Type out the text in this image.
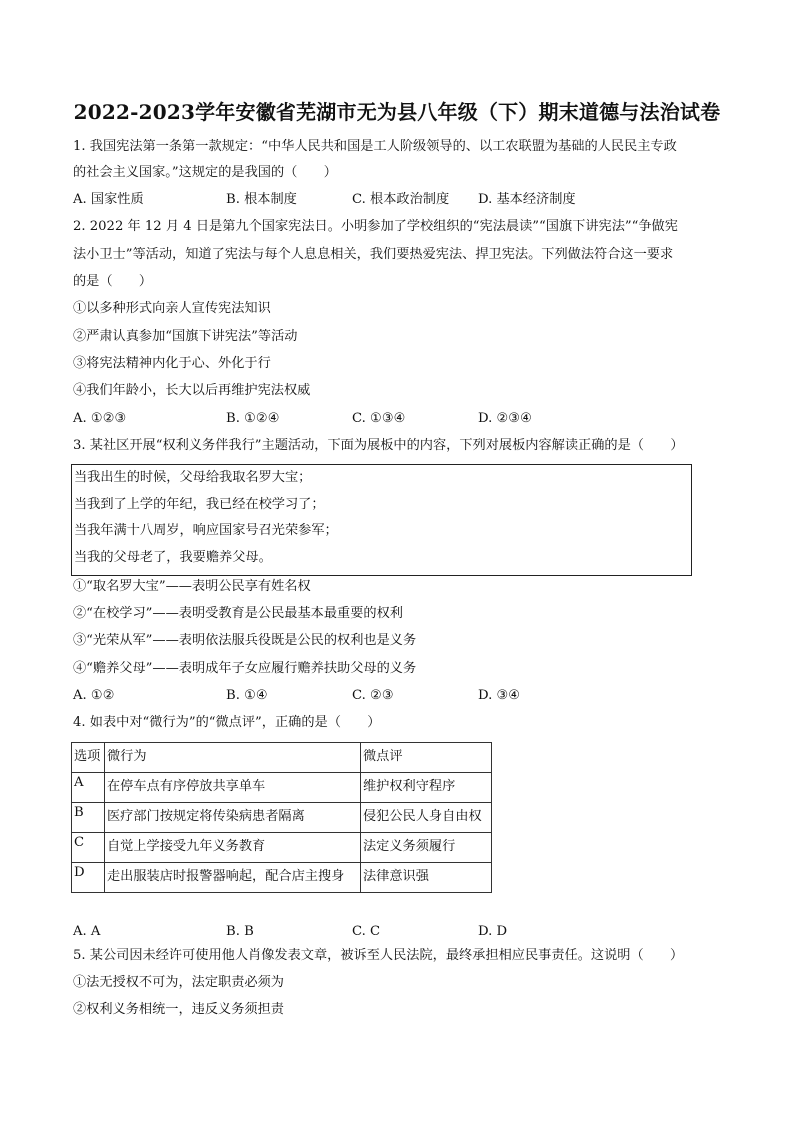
2022-2023学年安徽省芜湖市无为县八年级（下）期末道德与法治试卷
1. 我国宪法第一条第一款规定：“中华人民共和国是工人阶级领导的、以工农联盟为基础的人民民主专政
的社会主义国家。”这规定的是我国的（　　）
A. 国家性质	B. 根本制度	C. 根本政治制度 D. 基本经济制度
2. 2022 年 12 月 4 日是第九个国家宪法日。小明参加了学校组织的“宪法晨读”“国旗下讲宪法”“争做宪
法小卫士”等活动，知道了宪法与每个人息息相关，我们要热爱宪法、捍卫宪法。下列做法符合这一要求
的是（　　）
①以多种形式向亲人宣传宪法知识
②严肃认真参加“国旗下讲宪法”等活动
③将宪法精神内化于心、外化于行
④我们年龄小，长大以后再维护宪法权威
A. ①②③	B. ①②④	C. ①③④	D. ②③④
3. 某社区开展“权利义务伴我行”主题活动，下面为展板中的内容，下列对展板内容解读正确的是（　　）
当我出生的时候，父母给我取名罗大宝；
当我到了上学的年纪，我已经在校学习了；
当我年满十八周岁，响应国家号召光荣参军；
当我的父母老了，我要赡养父母。
①“取名罗大宝”——表明公民享有姓名权
②“在校学习”——表明受教育是公民最基本最重要的权利
③“光荣从军”——表明依法服兵役既是公民的权利也是义务
④“赡养父母”——表明成年子女应履行赡养扶助父母的义务
A. ①②	B. ①④	C. ②③	D. ③④
4. 如表中对“微行为”的“微点评”，正确的是（　　）
选项	微行为	微点评
A	在停车点有序停放共享单车	维护权利守程序
B	医疗部门按规定将传染病患者隔离	侵犯公民人身自由权
C	自觉上学接受九年义务教育	法定义务须履行
D	走出服装店时报警器响起，配合店主搜身	法律意识强
A. A	B. B	C. C	D. D
5. 某公司因未经许可使用他人肖像发表文章，被诉至人民法院，最终承担相应民事责任。这说明（　　）
①法无授权不可为，法定职责必须为
②权利义务相统一，违反义务须担责
